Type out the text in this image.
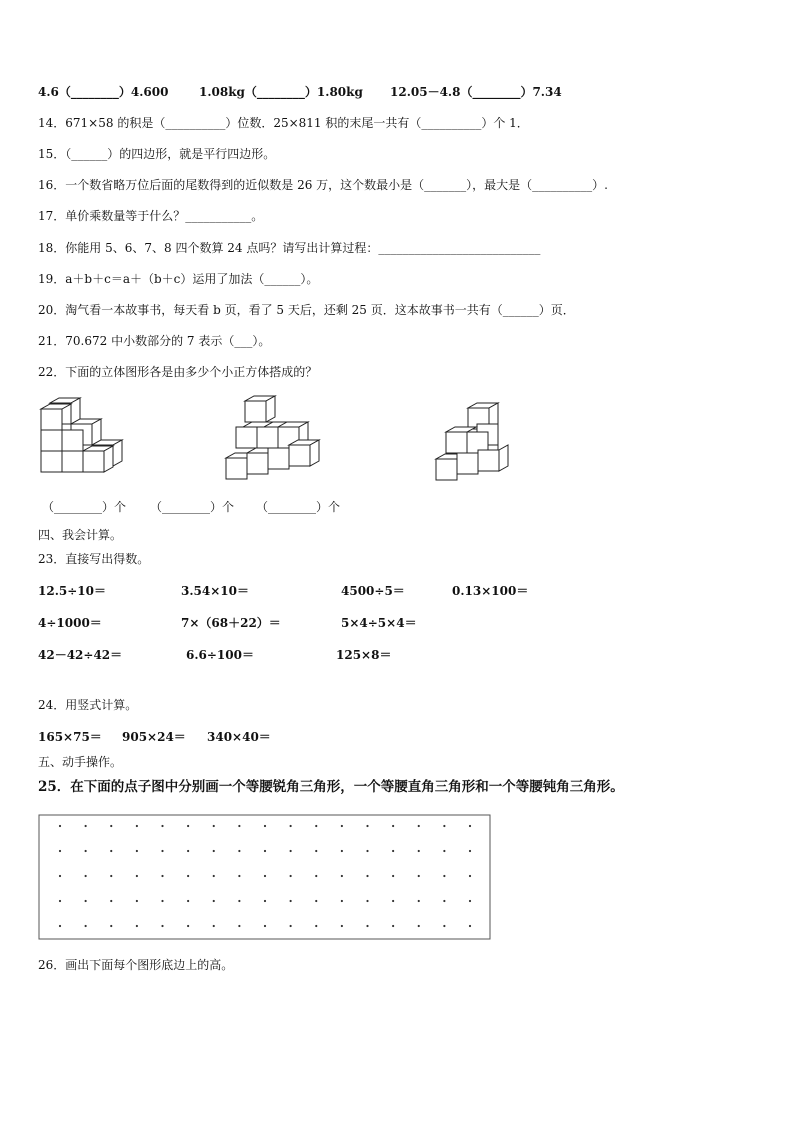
4.6（________）4.600	1.08kg（________）1.80kg 12.05－4.8（________）7.34
14．671×58 的积是（__________）位数．25×811 积的末尾一共有（__________）个 1．
15．（______）的四边形，就是平行四边形。
16．一个数省略万位后面的尾数得到的近似数是 26 万，这个数最小是（_______），最大是（__________）.
17．单价乘数量等于什么？___________。
18．你能用 5、6、7、8 四个数算 24 点吗？请写出计算过程：___________________________
19．a＋b＋c＝a＋（b＋c）运用了加法（______）。
20．淘气看一本故事书，每天看 b 页，看了 5 天后，还剩 25 页．这本故事书一共有（______）页．
21．70.672 中小数部分的 7 表示（___）。
22．下面的立体图形各是由多少个小正方体搭成的？
（________）个 （________）个 （________）个
四、我会计算。
23．直接写出得数。
12.5÷10＝	3.54×10＝	4500÷5＝	0.13×100＝
4÷1000＝	7×（68＋22）＝	5×4÷5×4＝
42－42÷42＝	6.6÷100＝	125×8＝
24．用竖式计算。
165×75＝ 905×24＝ 340×40＝
五、动手操作。
25．在下面的点子图中分别画一个等腰锐角三角形，一个等腰直角三角形和一个等腰钝角三角形。
26．画出下面每个图形底边上的高。
